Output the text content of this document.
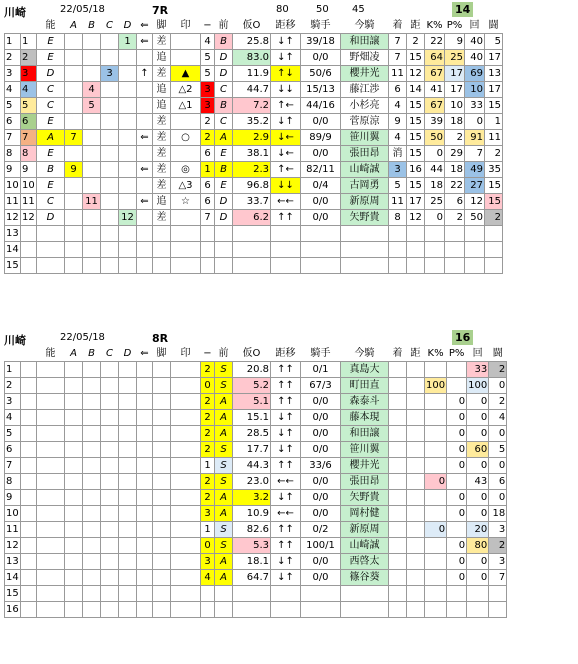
川崎	22/05/18	7R	80	50 45	14
		能	A	B	C	D	⇐	脚	印	−	前	仮O	距移	騎手	今騎	着	距	K%	P%	回	闘
1	1	E				1	⇐	差		4	B	25.8	↓↑	39/18	和田譲	7	2	22	9	40	5
2	2	E						追		5	D	83.0	↓↑	0/0	野畑凌	7	15	64	25	40	17
3	3	D			3		↑	差	▲	5	D	11.9	↑↓	50/6	櫻井光	11	12	67	17	69	13
4	4	C		4				追	△2	3	C	44.7	↓↓	15/13	藤江渉	6	14	41	17	10	17
5	5	C		5				追	△1	3	B	7.2	↑←	44/16	小杉亮	4	15	67	10	33	15
6	6	E						差		2	C	35.2	↓↑	0/0	菅原涼	9	15	39	18	0	1
7	7	A	7				⇐	差	○	2	A	2.9	↓←	89/9	笹川翼	4	15	50	2	91	11
8	8	E						差		6	E	38.1	↓←	0/0	張田昂	消	15	0	29	7	2
9	9	B	9				⇐	差	◎	1	B	2.3	↑←	82/11	山崎誠	3	16	44	18	49	35
10	10	E						差	△3	6	E	96.8	↓↓	0/4	古岡勇	5	15	18	22	27	15
11	11	C		11			⇐	追	☆	6	D	33.7	←←	0/0	新原周	11	17	25	6	12	15
12	12	D				12		差		7	D	6.2	↑↑	0/0	矢野貴	8	12	0	2	50	2
13																					
14																					
15																					
川崎	22/05/18	8R	16
		能	A	B	C	D	⇐	脚	印	−	前	仮O	距移	騎手	今騎	着	距	K%	P%	回	闘
1										2	S	20.8	↑↑	0/1	真島大					33	2
2										0	S	5.2	↑↑	67/3	町田直			100		100	0
3										2	A	5.1	↑↑	0/0	森泰斗				0	0	2
4										2	A	15.1	↓↑	0/0	藤本現				0	0	4
5										2	A	28.5	↓↑	0/0	和田譲				0	0	0
6										2	S	17.7	↓↑	0/0	笹川翼				0	60	5
7										1	S	44.3	↑↑	33/6	櫻井光				0	0	0
8										2	S	23.0	←←	0/0	張田昂			0		43	6
9										2	A	3.2	↓↑	0/0	矢野貴				0	0	0
10										3	A	10.9	←←	0/0	岡村健				0	0	18
11										1	S	82.6	↑↑	0/2	新原周			0		20	3
12										0	S	5.3	↑↑	100/1	山崎誠				0	80	2
13										3	A	18.1	↓↑	0/0	西啓太				0	0	3
14										4	A	64.7	↓↑	0/0	篠谷葵				0	0	7
15																					
16																					
